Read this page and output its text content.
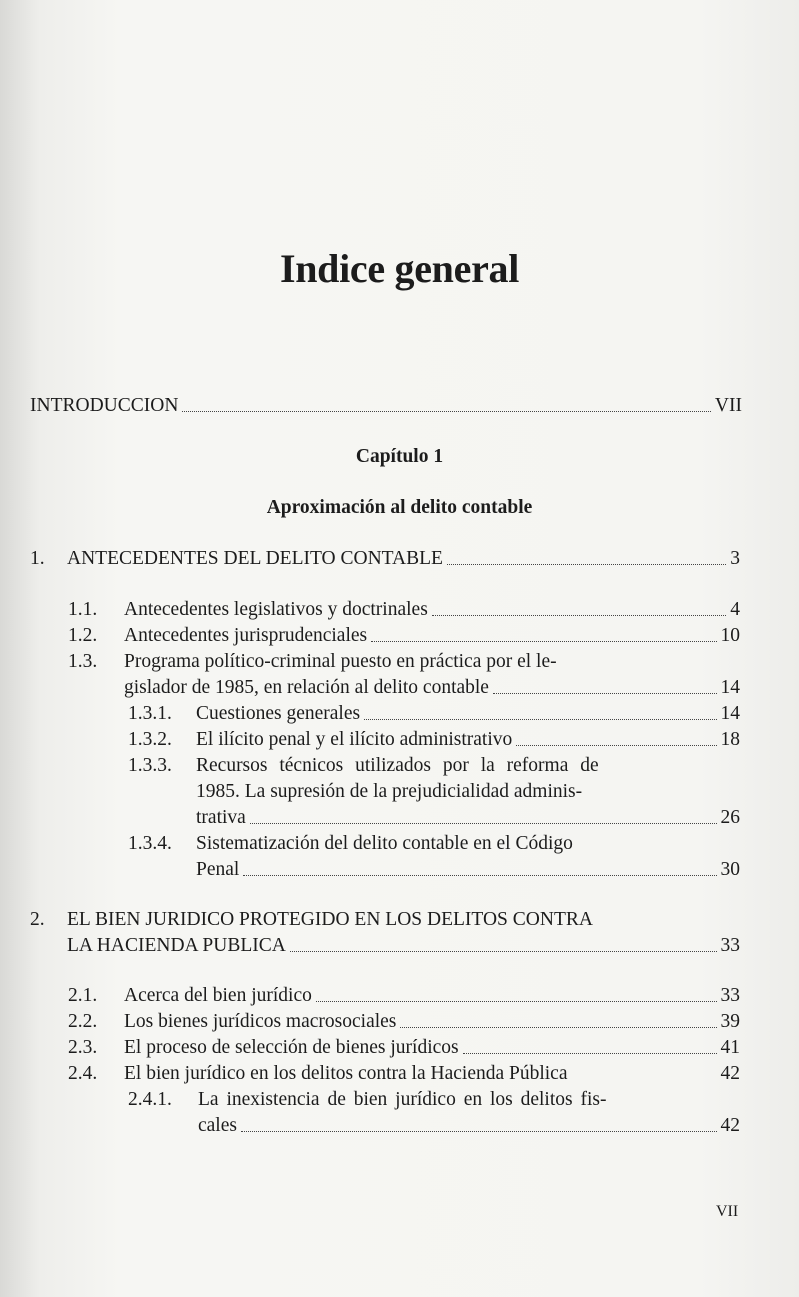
Indice general
INTRODUCCION	VII
Capítulo 1
Aproximación al delito contable
1.	ANTECEDENTES DEL DELITO CONTABLE	3
1.1.	Antecedentes legislativos y doctrinales	4
1.2.	Antecedentes jurisprudenciales	10
1.3. Programa político-criminal puesto en práctica por el le-
gislador de 1985, en relación al delito contable	14
1.3.1.	Cuestiones generales	14
1.3.2.	El ilícito penal y el ilícito administrativo	18
1.3.3. Recursos técnicos utilizados por la reforma de
1985. La supresión de la prejudicialidad adminis-
trativa	26
1.3.4. Sistematización del delito contable en el Código
Penal	30
2. EL BIEN JURIDICO PROTEGIDO EN LOS DELITOS CONTRA
LA HACIENDA PUBLICA	33
2.1.	Acerca del bien jurídico	33
2.2.	Los bienes jurídicos macrosociales	39
2.3.	El proceso de selección de bienes jurídicos	41
2.4.	El bien jurídico en los delitos contra la Hacienda Pública	42
2.4.1. La inexistencia de bien jurídico en los delitos fis-
cales	42
VII
